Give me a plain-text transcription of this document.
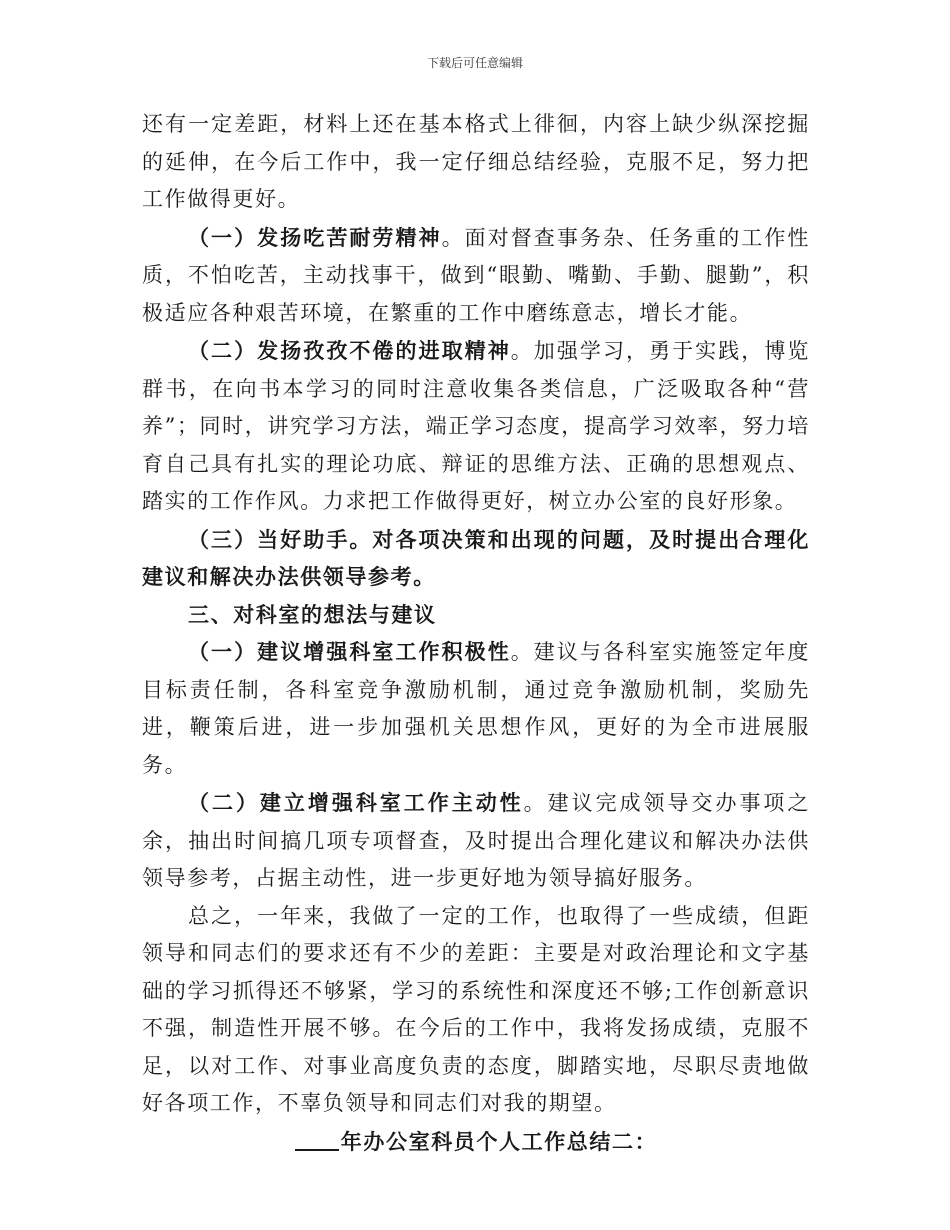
下载后可任意编辑

还有一定差距，材料上还在基本格式上徘徊，内容上缺少纵深挖掘的延伸，在今后工作中，我一定仔细总结经验，克服不足，努力把工作做得更好。

（一）发扬吃苦耐劳精神。面对督查事务杂、任务重的工作性质，不怕吃苦，主动找事干，做到“眼勤、嘴勤、手勤、腿勤”，积极适应各种艰苦环境，在繁重的工作中磨练意志，增长才能。

（二）发扬孜孜不倦的进取精神。加强学习，勇于实践，博览群书，在向书本学习的同时注意收集各类信息，广泛吸取各种“营养”；同时，讲究学习方法，端正学习态度，提高学习效率，努力培育自己具有扎实的理论功底、辩证的思维方法、正确的思想观点、踏实的工作作风。力求把工作做得更好，树立办公室的良好形象。

（三）当好助手。对各项决策和出现的问题，及时提出合理化建议和解决办法供领导参考。

三、对科室的想法与建议

（一）建议增强科室工作积极性。建议与各科室实施签定年度目标责任制，各科室竞争激励机制，通过竞争激励机制，奖励先进，鞭策后进，进一步加强机关思想作风，更好的为全市进展服务。

（二）建立增强科室工作主动性。建议完成领导交办事项之余，抽出时间搞几项专项督查，及时提出合理化建议和解决办法供领导参考，占据主动性，进一步更好地为领导搞好服务。

总之，一年来，我做了一定的工作，也取得了一些成绩，但距领导和同志们的要求还有不少的差距：主要是对政治理论和文字基础的学习抓得还不够紧，学习的系统性和深度还不够;工作创新意识不强，制造性开展不够。在今后的工作中，我将发扬成绩，克服不足，以对工作、对事业高度负责的态度，脚踏实地，尽职尽责地做好各项工作，不辜负领导和同志们对我的期望。

年办公室科员个人工作总结二：
